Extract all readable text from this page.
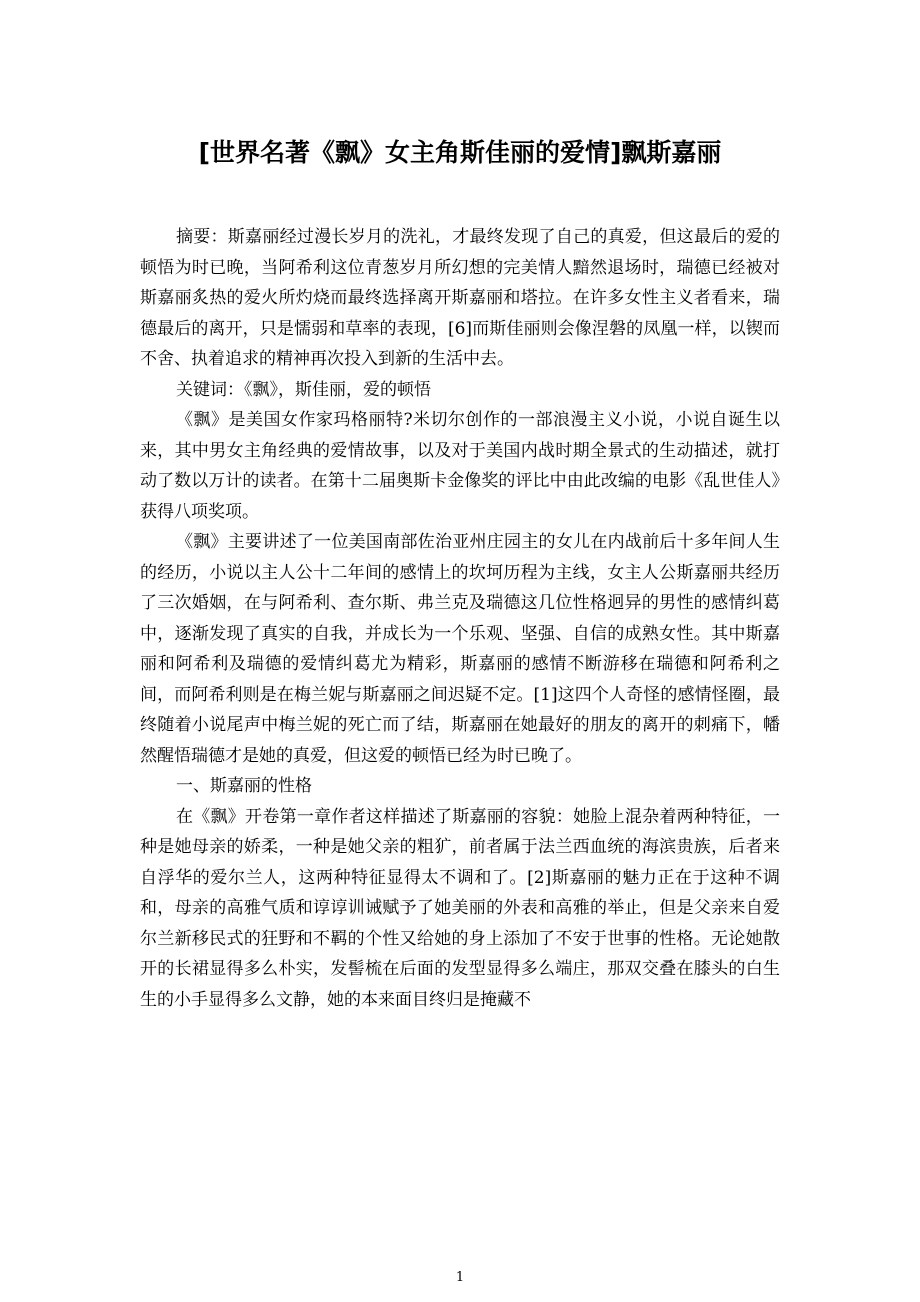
[世界名著《飘》女主角斯佳丽的爱情]飘斯嘉丽

摘要：斯嘉丽经过漫长岁月的洗礼，才最终发现了自己的真爱，但这最后的爱的顿悟为时已晚，当阿希利这位青葱岁月所幻想的完美情人黯然退场时，瑞德已经被对斯嘉丽炙热的爱火所灼烧而最终选择离开斯嘉丽和塔拉。在许多女性主义者看来，瑞德最后的离开，只是懦弱和草率的表现，[6]而斯佳丽则会像涅磐的凤凰一样，以锲而不舍、执着追求的精神再次投入到新的生活中去。

关键词：《飘》，斯佳丽，爱的顿悟

《飘》是美国女作家玛格丽特?米切尔创作的一部浪漫主义小说，小说自诞生以来，其中男女主角经典的爱情故事，以及对于美国内战时期全景式的生动描述，就打动了数以万计的读者。在第十二届奥斯卡金像奖的评比中由此改编的电影《乱世佳人》获得八项奖项。

《飘》主要讲述了一位美国南部佐治亚州庄园主的女儿在内战前后十多年间人生的经历，小说以主人公十二年间的感情上的坎坷历程为主线，女主人公斯嘉丽共经历了三次婚姻，在与阿希利、查尔斯、弗兰克及瑞德这几位性格迥异的男性的感情纠葛中，逐渐发现了真实的自我，并成长为一个乐观、坚强、自信的成熟女性。其中斯嘉丽和阿希利及瑞德的爱情纠葛尤为精彩，斯嘉丽的感情不断游移在瑞德和阿希利之间，而阿希利则是在梅兰妮与斯嘉丽之间迟疑不定。[1]这四个人奇怪的感情怪圈，最终随着小说尾声中梅兰妮的死亡而了结，斯嘉丽在她最好的朋友的离开的刺痛下，幡然醒悟瑞德才是她的真爱，但这爱的顿悟已经为时已晚了。

一、斯嘉丽的性格

在《飘》开卷第一章作者这样描述了斯嘉丽的容貌：她脸上混杂着两种特征，一种是她母亲的娇柔，一种是她父亲的粗犷，前者属于法兰西血统的海滨贵族，后者来自浮华的爱尔兰人，这两种特征显得太不调和了。[2]斯嘉丽的魅力正在于这种不调和，母亲的高雅气质和谆谆训诫赋予了她美丽的外表和高雅的举止，但是父亲来自爱尔兰新移民式的狂野和不羁的个性又给她的身上添加了不安于世事的性格。无论她散开的长裙显得多么朴实，发髻梳在后面的发型显得多么端庄，那双交叠在膝头的白生生的小手显得多么文静，她的本来面目终归是掩藏不

1
